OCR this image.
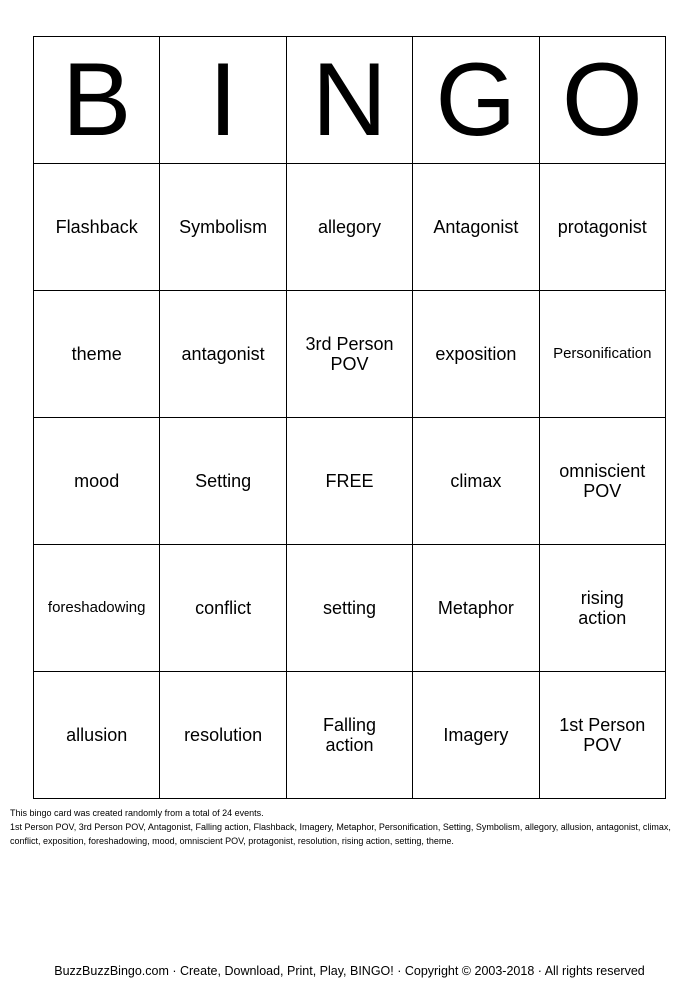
B	I	N	G	O
Flashback	Symbolism	allegory	Antagonist	protagonist
theme	antagonist	3rd Person POV	exposition	Personification
mood	Setting	FREE	climax	omniscient POV
foreshadowing	conflict	setting	Metaphor	rising action
allusion	resolution	Falling action	Imagery	1st Person POV
This bingo card was created randomly from a total of 24 events.
1st Person POV, 3rd Person POV, Antagonist, Falling action, Flashback, Imagery, Metaphor, Personification, Setting, Symbolism, allegory, allusion, antagonist, climax, conflict, exposition, foreshadowing, mood, omniscient POV, protagonist, resolution, rising action, setting, theme.
BuzzBuzzBingo.com · Create, Download, Print, Play, BINGO! · Copyright © 2003-2018 · All rights reserved
